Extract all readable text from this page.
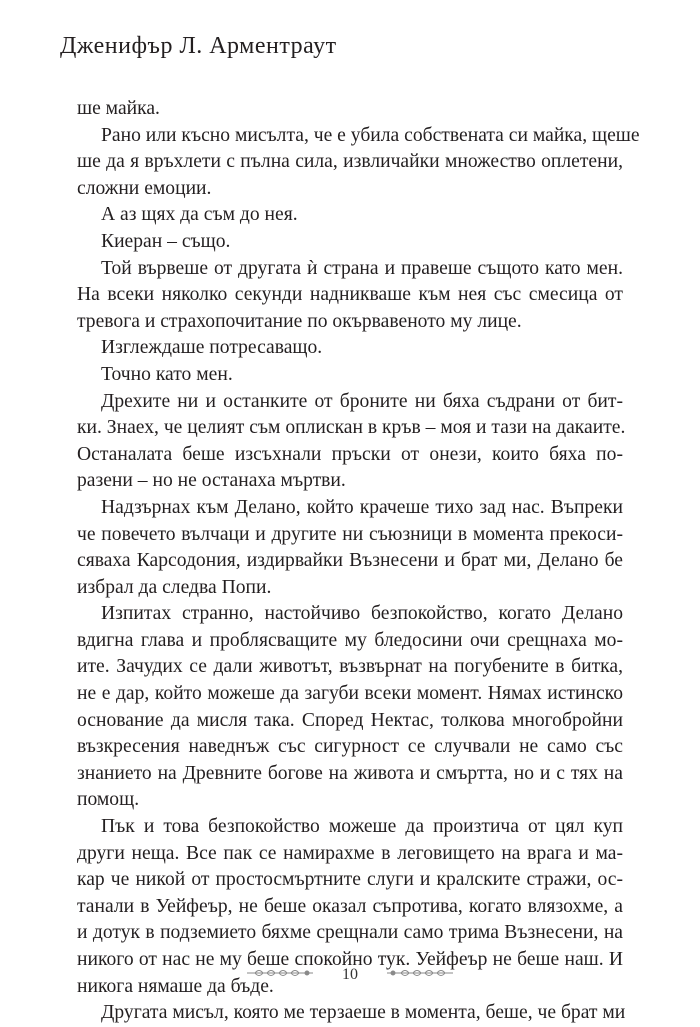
Дженифър Л. Арментраут
ше майка.
Рано или късно мисълта, че е убила собствената си майка, щеше
ше да я връхлети с пълна сила, извличайки множество оплетени,
сложни емоции.
А аз щях да съм до нея.
Киеран – също.
Той вървеше от другата ѝ страна и правеше същото като мен.
На всеки няколко секунди надникваше към нея със смесица от
тревога и страхопочитание по окървавеното му лице.
Изглеждаше потресаващо.
Точно като мен.
Дрехите ни и останките от броните ни бяха съдрани от бит-
ки. Знаех, че целият съм оплискан в кръв – моя и тази на дакаите.
Останалата беше изсъхнали пръски от онези, които бяха по-
разени – но не останаха мъртви.
Надзърнах към Делано, който крачеше тихо зад нас. Въпреки
че повечето вълчаци и другите ни съюзници в момента прекоси-
сяваха Карсодония, издирвайки Възнесени и брат ми, Делано бе
избрал да следва Попи.
Изпитах странно, настойчиво безпокойство, когато Делано
вдигна глава и проблясващите му бледосини очи срещнаха мо-
ите. Зачудих се дали животът, възвърнат на погубените в битка,
не е дар, който можеше да загуби всеки момент. Нямах истинско
основание да мисля така. Според Нектас, толкова многобройни
възкресения наведнъж със сигурност се случвали не само със
знанието на Древните богове на живота и смъртта, но и с тях на
помощ.
Пък и това безпокойство можеше да произтича от цял куп
други неща. Все пак се намирахме в леговището на врага и ма-
кар че никой от простосмъртните слуги и кралските стражи, ос-
танали в Уейфеър, не беше оказал съпротива, когато влязохме, а
и дотук в подземието бяхме срещнали само трима Възнесени, на
никого от нас не му беше спокойно тук. Уейфеър не беше наш. И
никога нямаше да бъде.
Другата мисъл, която ме терзаеше в момента, беше, че брат ми
10
